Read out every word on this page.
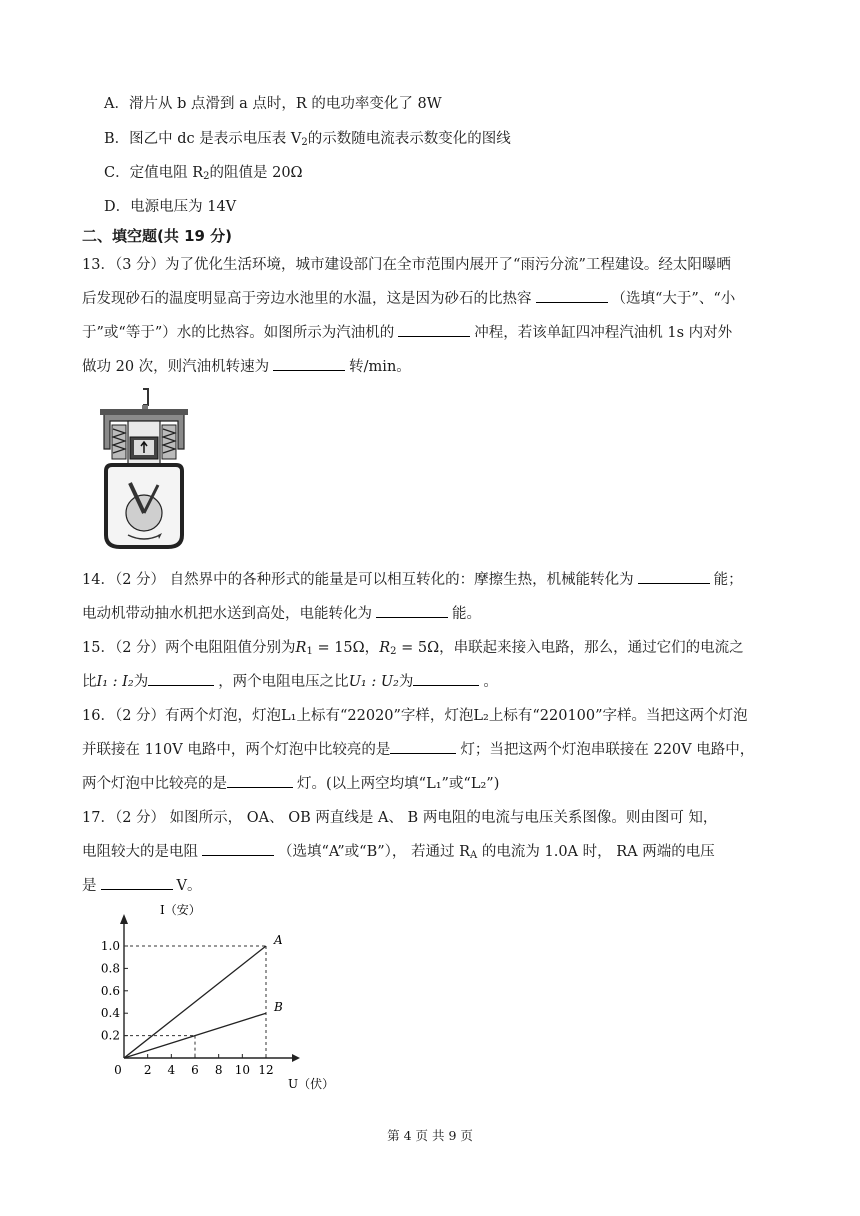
A．滑片从 b 点滑到 a 点时，R 的电功率变化了 8W
B．图乙中 dc 是表示电压表 $V_2$的示数随电流表示数变化的图线
C．定值电阻 $R_2$的阻值是 20Ω
D．电源电压为 14V
二、填空题(共 19 分)
13．（3 分）为了优化生活环境，城市建设部门在全市范围内展开了“雨污分流”工程建设。经太阳曝晒
后发现砂石的温度明显高于旁边水池里的水温，这是因为砂石的比热容	（选填“大于”、“小
于”或“等于”）水的比热容。如图所示为汽油机的	冲程，若该单缸四冲程汽油机 1s 内对外
做功 20 次，则汽油机转速为	转/min。
14．（2 分） 自然界中的各种形式的能量是可以相互转化的：摩擦生热，机械能转化为	能；
电动机带动抽水机把水送到高处，电能转化为	能。
15．（2 分）两个电阻阻值分别为$R_1 = 15\Omega$，$R_2 = 5\Omega$，串联起来接入电路，那么，通过它们的电流之
比I₁ : I₂为	，两个电阻电压之比U₁ : U₂为	。
16．（2 分）有两个灯泡，灯泡L₁上标有“22020”字样，灯泡L₂上标有“220100”字样。当把这两个灯泡
并联接在 110V 电路中，两个灯泡中比较亮的是	灯；当把这两个灯泡串联接在 220V 电路中，
两个灯泡中比较亮的是	灯。(以上两空均填“L₁”或“L₂”)
17．（2 分） 如图所示， OA、 OB 两直线是 A、 B 两电阻的电流与电压关系图像。则由图可 知，
电阻较大的是电阻	（选填“A”或“B”）， 若通过 $R_A$ 的电流为 1.0A 时， RA 两端的电压
是	V。
I（安）
U（伏）
0 2 4 6 8 10 12
0.2
0.4
0.6
0.8
1.0	A
B
第 4 页 共 9 页
